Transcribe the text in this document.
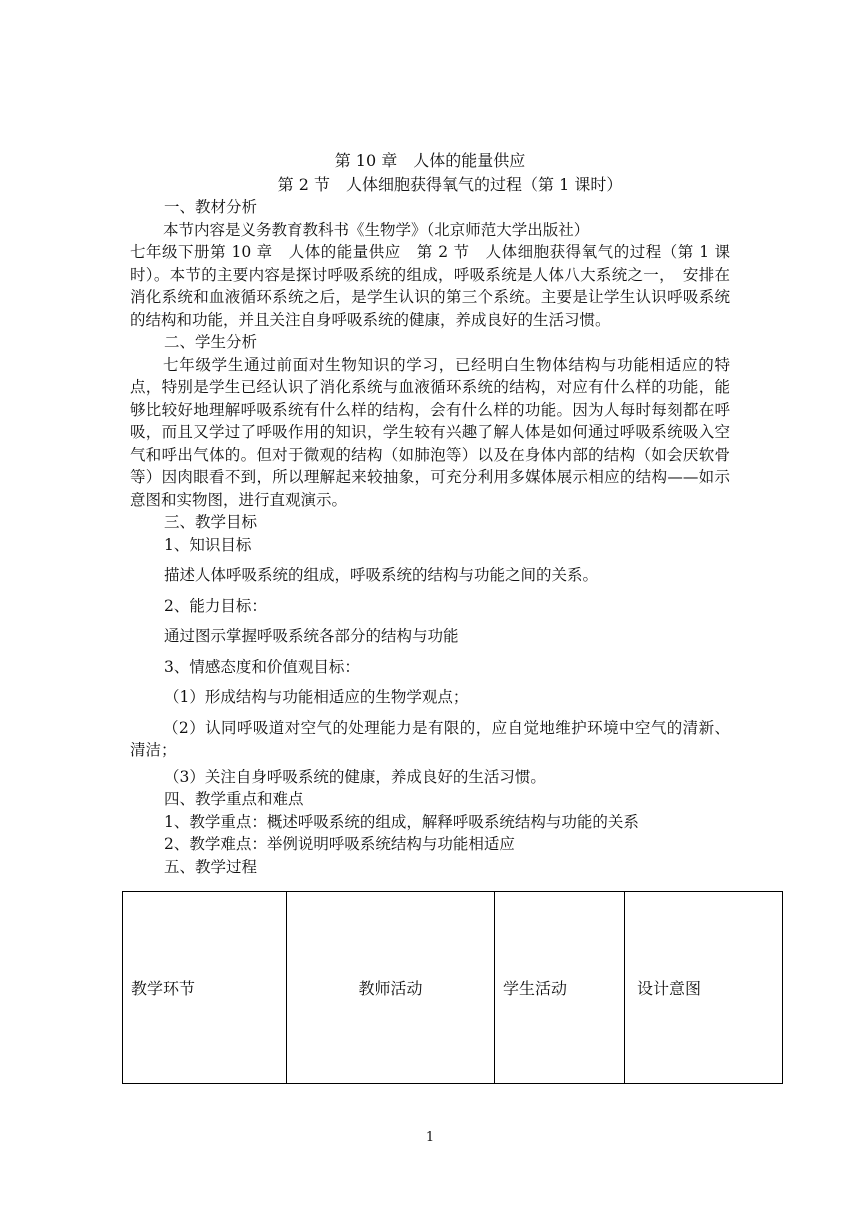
第 10 章　人体的能量供应
第 2 节　人体细胞获得氧气的过程（第 1 课时）

一、教材分析

本节内容是义务教育教科书《生物学》（北京师范大学出版社）

七年级下册第 10 章　人体的能量供应　第 2 节　人体细胞获得氧气的过程（第 1 课时）。本节的主要内容是探讨呼吸系统的组成，呼吸系统是人体八大系统之一，　安排在消化系统和血液循环系统之后，是学生认识的第三个系统。主要是让学生认识呼吸系统的结构和功能，并且关注自身呼吸系统的健康，养成良好的生活习惯。

二、学生分析

七年级学生通过前面对生物知识的学习，已经明白生物体结构与功能相适应的特点，特别是学生已经认识了消化系统与血液循环系统的结构，对应有什么样的功能，能够比较好地理解呼吸系统有什么样的结构，会有什么样的功能。因为人每时每刻都在呼吸，而且又学过了呼吸作用的知识，学生较有兴趣了解人体是如何通过呼吸系统吸入空气和呼出气体的。但对于微观的结构（如肺泡等）以及在身体内部的结构（如会厌软骨等）因肉眼看不到，所以理解起来较抽象，可充分利用多媒体展示相应的结构——如示意图和实物图，进行直观演示。

三、教学目标

1、知识目标

描述人体呼吸系统的组成，呼吸系统的结构与功能之间的关系。

2、能力目标：

通过图示掌握呼吸系统各部分的结构与功能

3、情感态度和价值观目标：

（1）形成结构与功能相适应的生物学观点；

（2）认同呼吸道对空气的处理能力是有限的，应自觉地维护环境中空气的清新、清洁；

（3）关注自身呼吸系统的健康，养成良好的生活习惯。

四、教学重点和难点

1、教学重点：概述呼吸系统的组成，解释呼吸系统结构与功能的关系

2、教学难点：举例说明呼吸系统结构与功能相适应

五、教学过程

教学环节	教师活动	学生活动	设计意图
1
